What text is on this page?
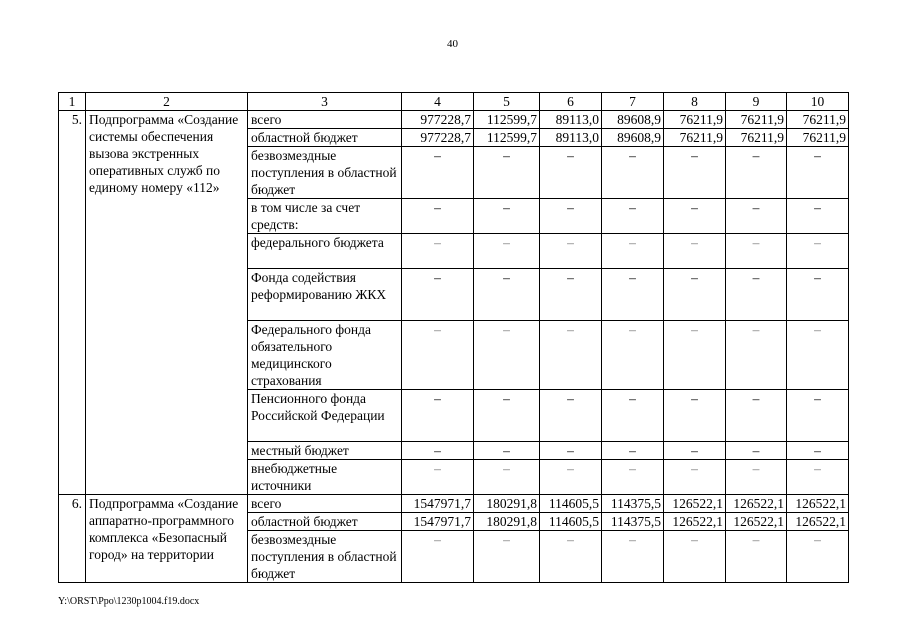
40
1	2	3	4	5	6	7	8	9	10
5.	Подпрограмма «Создание системы обеспечения вызова экстренных оперативных служб по единому номеру «112»	всего	977228,7	112599,7	89113,0	89608,9	76211,9	76211,9	76211,9
		областной бюджет	977228,7	112599,7	89113,0	89608,9	76211,9	76211,9	76211,9
		безвозмездные поступления в областной бюджет	–	–	–	–	–	–	–
		в том числе за счет средств:	–	–	–	–	–	–	–
		федерального бюджета	–	–	–	–	–	–	–
		Фонда содействия реформированию ЖКХ	–	–	–	–	–	–	–
		Федерального фонда обязательного медицинского страхования	–	–	–	–	–	–	–
		Пенсионного фонда Российской Федерации	–	–	–	–	–	–	–
		местный бюджет	–	–	–	–	–	–	–
		внебюджетные источники	–	–	–	–	–	–	–
6.	Подпрограмма «Создание аппаратно-программного комплекса «Безопасный город» на территории	всего	1547971,7	180291,8	114605,5	114375,5	126522,1	126522,1	126522,1
		областной бюджет	1547971,7	180291,8	114605,5	114375,5	126522,1	126522,1	126522,1
		безвозмездные поступления в областной бюджет	–	–	–	–	–	–	–
Y:\ORST\Ppo\1230p1004.f19.docx
